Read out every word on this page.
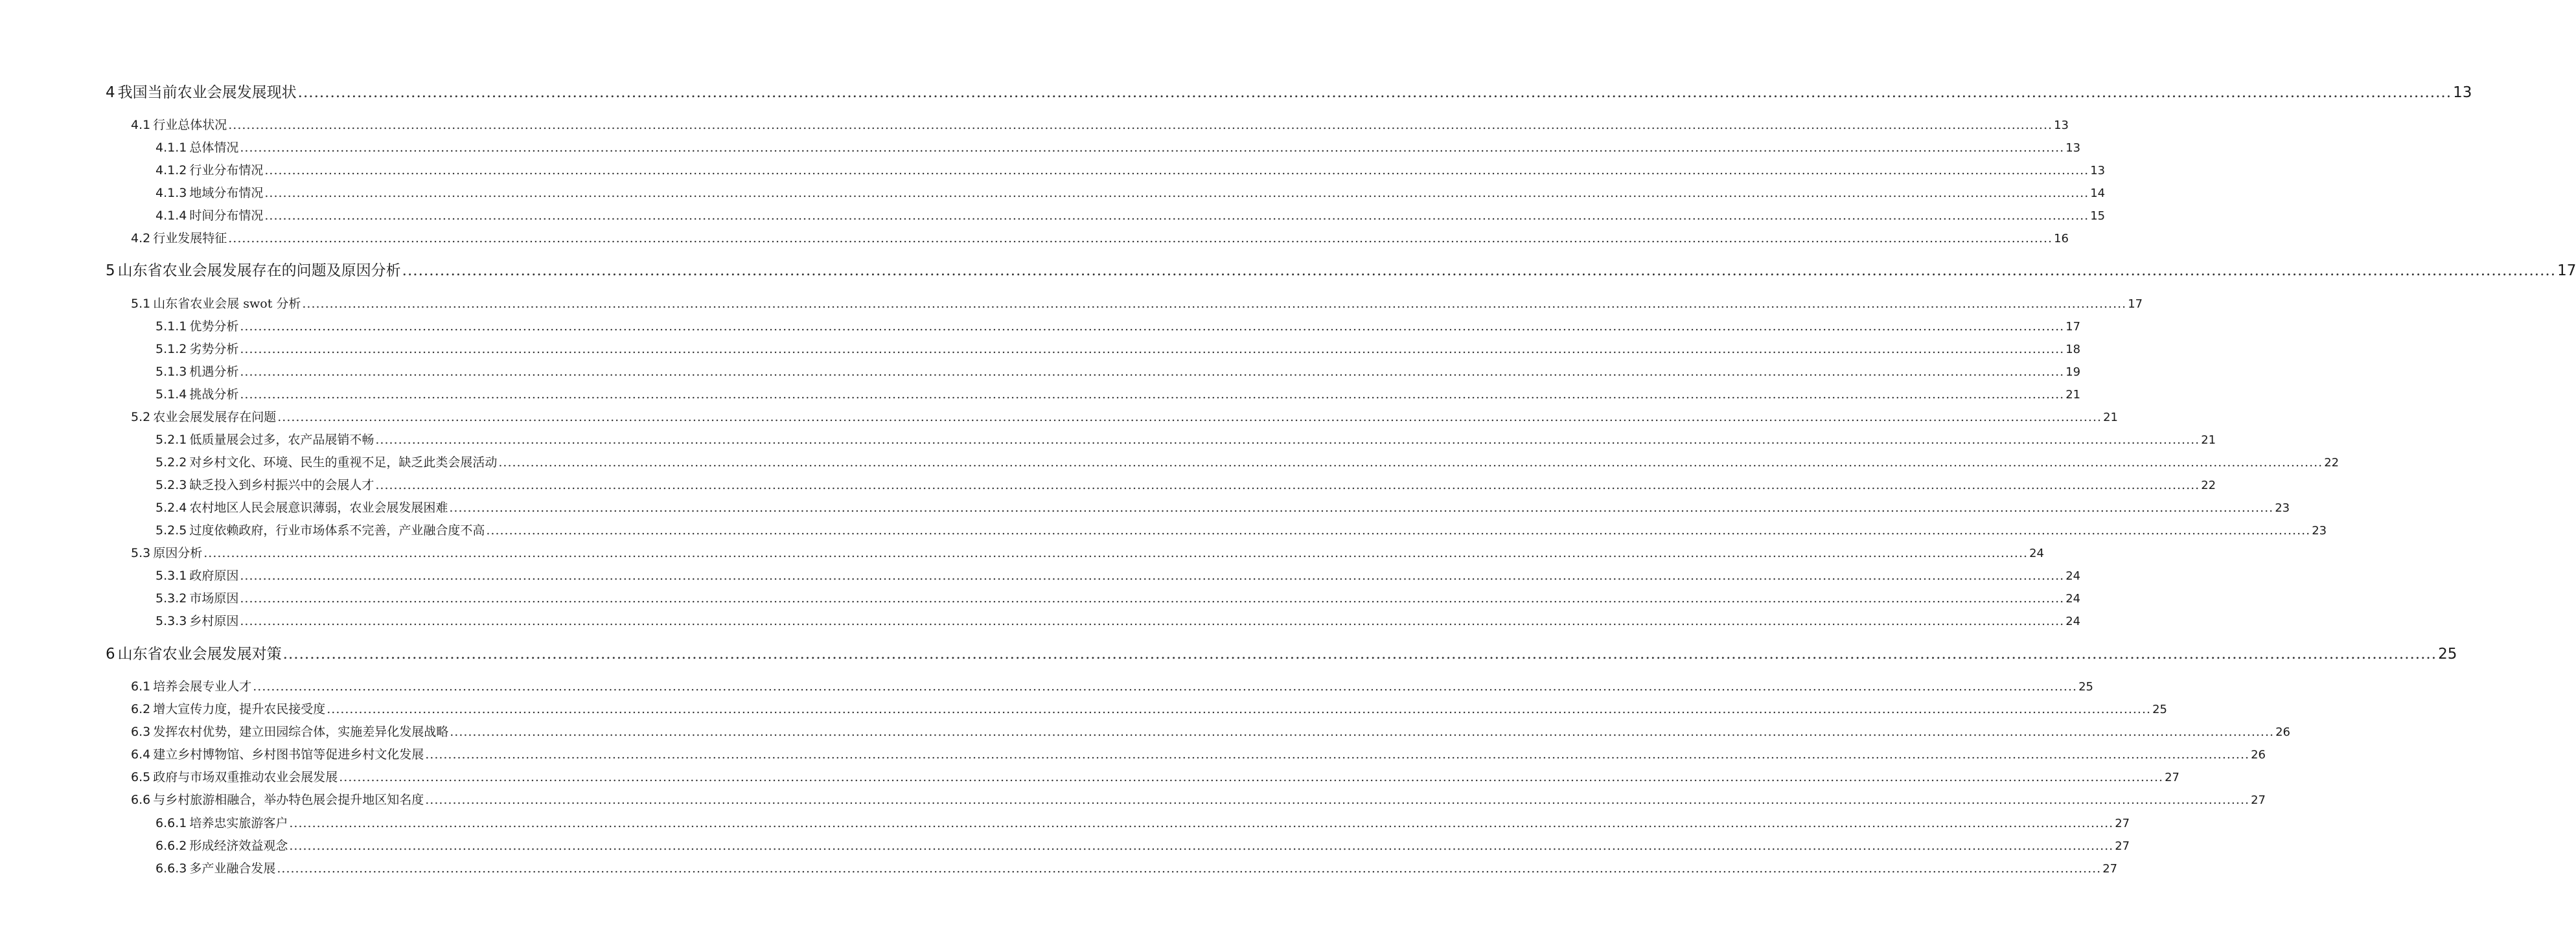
4 我国当前农业会展发展现状 ................................................................................................................................................................................................................................................................................................................................................................................................................ 13
4.1 行业总体状况 ................................................................................................................................................................................................................................................................................................................................................................................................................ 13
4.1.1 总体情况 ................................................................................................................................................................................................................................................................................................................................................................................................................ 13
4.1.2 行业分布情况 ................................................................................................................................................................................................................................................................................................................................................................................................................ 13
4.1.3 地域分布情况 ................................................................................................................................................................................................................................................................................................................................................................................................................ 14
4.1.4 时间分布情况 ................................................................................................................................................................................................................................................................................................................................................................................................................ 15
4.2 行业发展特征 ................................................................................................................................................................................................................................................................................................................................................................................................................ 16
5 山东省农业会展发展存在的问题及原因分析 ................................................................................................................................................................................................................................................................................................................................................................................................................ 17
5.1 山东省农业会展 swot 分析 ................................................................................................................................................................................................................................................................................................................................................................................................................ 17
5.1.1 优势分析 ................................................................................................................................................................................................................................................................................................................................................................................................................ 17
5.1.2 劣势分析 ................................................................................................................................................................................................................................................................................................................................................................................................................ 18
5.1.3 机遇分析 ................................................................................................................................................................................................................................................................................................................................................................................................................ 19
5.1.4 挑战分析 ................................................................................................................................................................................................................................................................................................................................................................................................................ 21
5.2 农业会展发展存在问题 ................................................................................................................................................................................................................................................................................................................................................................................................................ 21
5.2.1 低质量展会过多，农产品展销不畅 ................................................................................................................................................................................................................................................................................................................................................................................................................ 21
5.2.2 对乡村文化、环境、民生的重视不足，缺乏此类会展活动 ................................................................................................................................................................................................................................................................................................................................................................................................................ 22
5.2.3 缺乏投入到乡村振兴中的会展人才 ................................................................................................................................................................................................................................................................................................................................................................................................................ 22
5.2.4 农村地区人民会展意识薄弱，农业会展发展困难 ................................................................................................................................................................................................................................................................................................................................................................................................................ 23
5.2.5 过度依赖政府，行业市场体系不完善，产业融合度不高 ................................................................................................................................................................................................................................................................................................................................................................................................................ 23
5.3 原因分析 ................................................................................................................................................................................................................................................................................................................................................................................................................ 24
5.3.1 政府原因 ................................................................................................................................................................................................................................................................................................................................................................................................................ 24
5.3.2 市场原因 ................................................................................................................................................................................................................................................................................................................................................................................................................ 24
5.3.3 乡村原因 ................................................................................................................................................................................................................................................................................................................................................................................................................ 24
6 山东省农业会展发展对策 ................................................................................................................................................................................................................................................................................................................................................................................................................ 25
6.1 培养会展专业人才 ................................................................................................................................................................................................................................................................................................................................................................................................................ 25
6.2 增大宣传力度，提升农民接受度 ................................................................................................................................................................................................................................................................................................................................................................................................................ 25
6.3 发挥农村优势，建立田园综合体，实施差异化发展战略 ................................................................................................................................................................................................................................................................................................................................................................................................................ 26
6.4 建立乡村博物馆、乡村图书馆等促进乡村文化发展 ................................................................................................................................................................................................................................................................................................................................................................................................................ 26
6.5 政府与市场双重推动农业会展发展 ................................................................................................................................................................................................................................................................................................................................................................................................................ 27
6.6 与乡村旅游相融合，举办特色展会提升地区知名度 ................................................................................................................................................................................................................................................................................................................................................................................................................ 27
6.6.1 培养忠实旅游客户 ................................................................................................................................................................................................................................................................................................................................................................................................................ 27
6.6.2 形成经济效益观念 ................................................................................................................................................................................................................................................................................................................................................................................................................ 27
6.6.3 多产业融合发展 ................................................................................................................................................................................................................................................................................................................................................................................................................ 27
